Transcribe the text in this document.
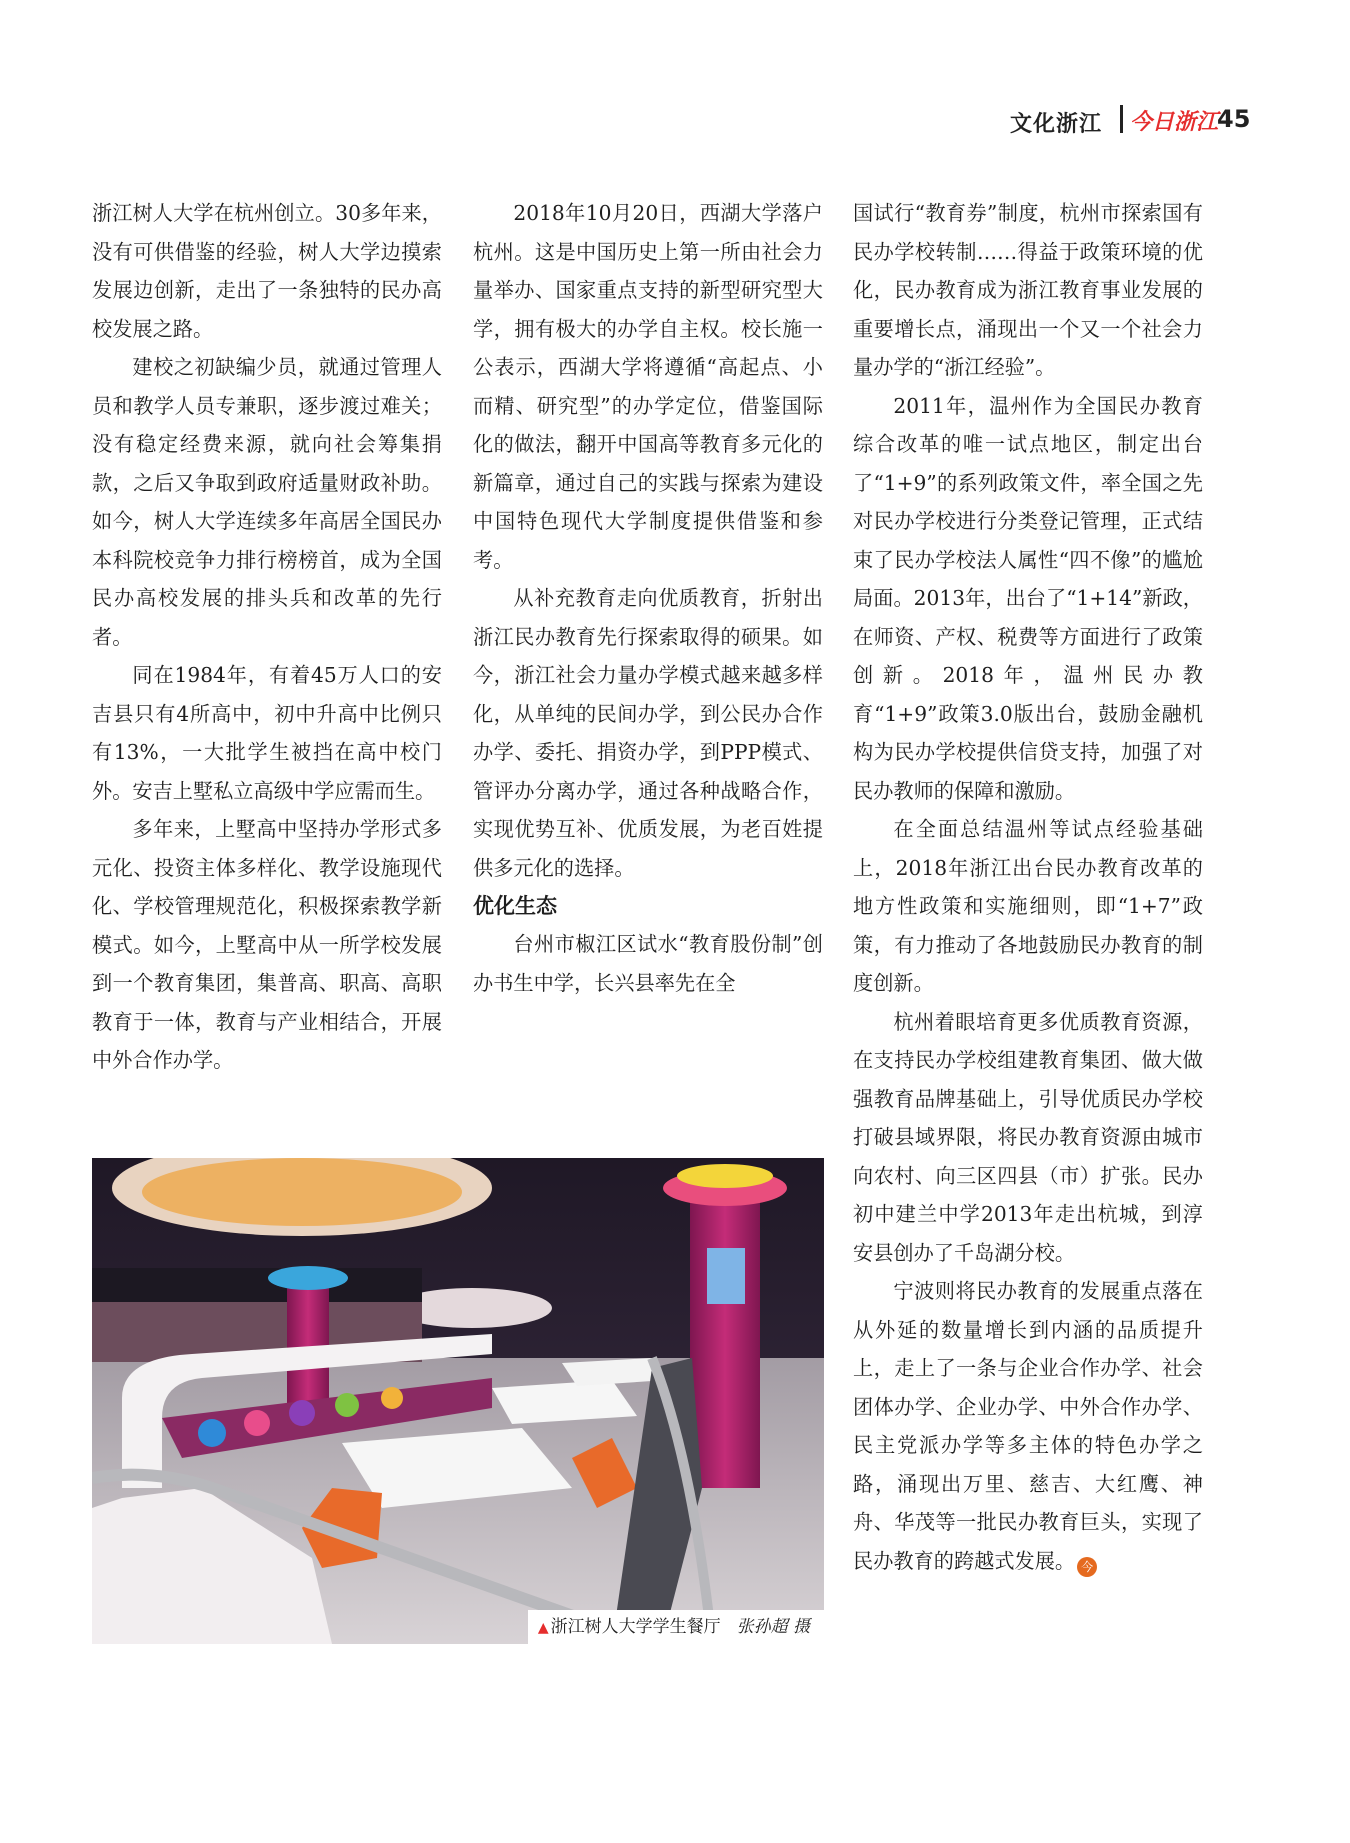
文化浙江 今日浙江
45

浙江树人大学在杭州创立。30多年来，没有可供借鉴的经验，树人大学边摸索发展边创新，走出了一条独特的民办高校发展之路。

建校之初缺编少员，就通过管理人员和教学人员专兼职，逐步渡过难关；没有稳定经费来源，就向社会筹集捐款，之后又争取到政府适量财政补助。如今，树人大学连续多年高居全国民办本科院校竞争力排行榜榜首，成为全国民办高校发展的排头兵和改革的先行者。

同在1984年，有着45万人口的安吉县只有4所高中，初中升高中比例只有13%，一大批学生被挡在高中校门外。安吉上墅私立高级中学应需而生。

多年来，上墅高中坚持办学形式多元化、投资主体多样化、教学设施现代化、学校管理规范化，积极探索教学新模式。如今，上墅高中从一所学校发展到一个教育集团，集普高、职高、高职教育于一体，教育与产业相结合，开展中外合作办学。

2018年10月20日，西湖大学落户杭州。这是中国历史上第一所由社会力量举办、国家重点支持的新型研究型大学，拥有极大的办学自主权。校长施一公表示，西湖大学将遵循“高起点、小而精、研究型”的办学定位，借鉴国际化的做法，翻开中国高等教育多元化的新篇章，通过自己的实践与探索为建设中国特色现代大学制度提供借鉴和参考。

从补充教育走向优质教育，折射出浙江民办教育先行探索取得的硕果。如今，浙江社会力量办学模式越来越多样化，从单纯的民间办学，到公民办合作办学、委托、捐资办学，到PPP模式、管评办分离办学，通过各种战略合作，实现优势互补、优质发展，为老百姓提供多元化的选择。

优化生态

台州市椒江区试水“教育股份制”创办书生中学，长兴县率先在全

国试行“教育券”制度，杭州市探索国有民办学校转制……得益于政策环境的优化，民办教育成为浙江教育事业发展的重要增长点，涌现出一个又一个社会力量办学的“浙江经验”。

2011年，温州作为全国民办教育综合改革的唯一试点地区，制定出台了“1+9”的系列政策文件，率全国之先对民办学校进行分类登记管理，正式结束了民办学校法人属性“四不像”的尴尬局面。2013年，出台了“1+14”新政，在师资、产权、税费等方面进行了政策创新。2018年，温州民办教育“1+9”政策3.0版出台，鼓励金融机构为民办学校提供信贷支持，加强了对民办教师的保障和激励。

在全面总结温州等试点经验基础上，2018年浙江出台民办教育改革的地方性政策和实施细则，即“1+7”政策，有力推动了各地鼓励民办教育的制度创新。

杭州着眼培育更多优质教育资源，在支持民办学校组建教育集团、做大做强教育品牌基础上，引导优质民办学校打破县域界限，将民办教育资源由城市向农村、向三区四县（市）扩张。民办初中建兰中学2013年走出杭城，到淳安县创办了千岛湖分校。

宁波则将民办教育的发展重点落在从外延的数量增长到内涵的品质提升上，走上了一条与企业合作办学、社会团体办学、企业办学、中外合作办学、民主党派办学等多主体的特色办学之路，涌现出万里、慈吉、大红鹰、神舟、华茂等一批民办教育巨头，实现了民办教育的跨越式发展。 今

▲ 浙江树人大学学生餐厅 张孙超 摄
